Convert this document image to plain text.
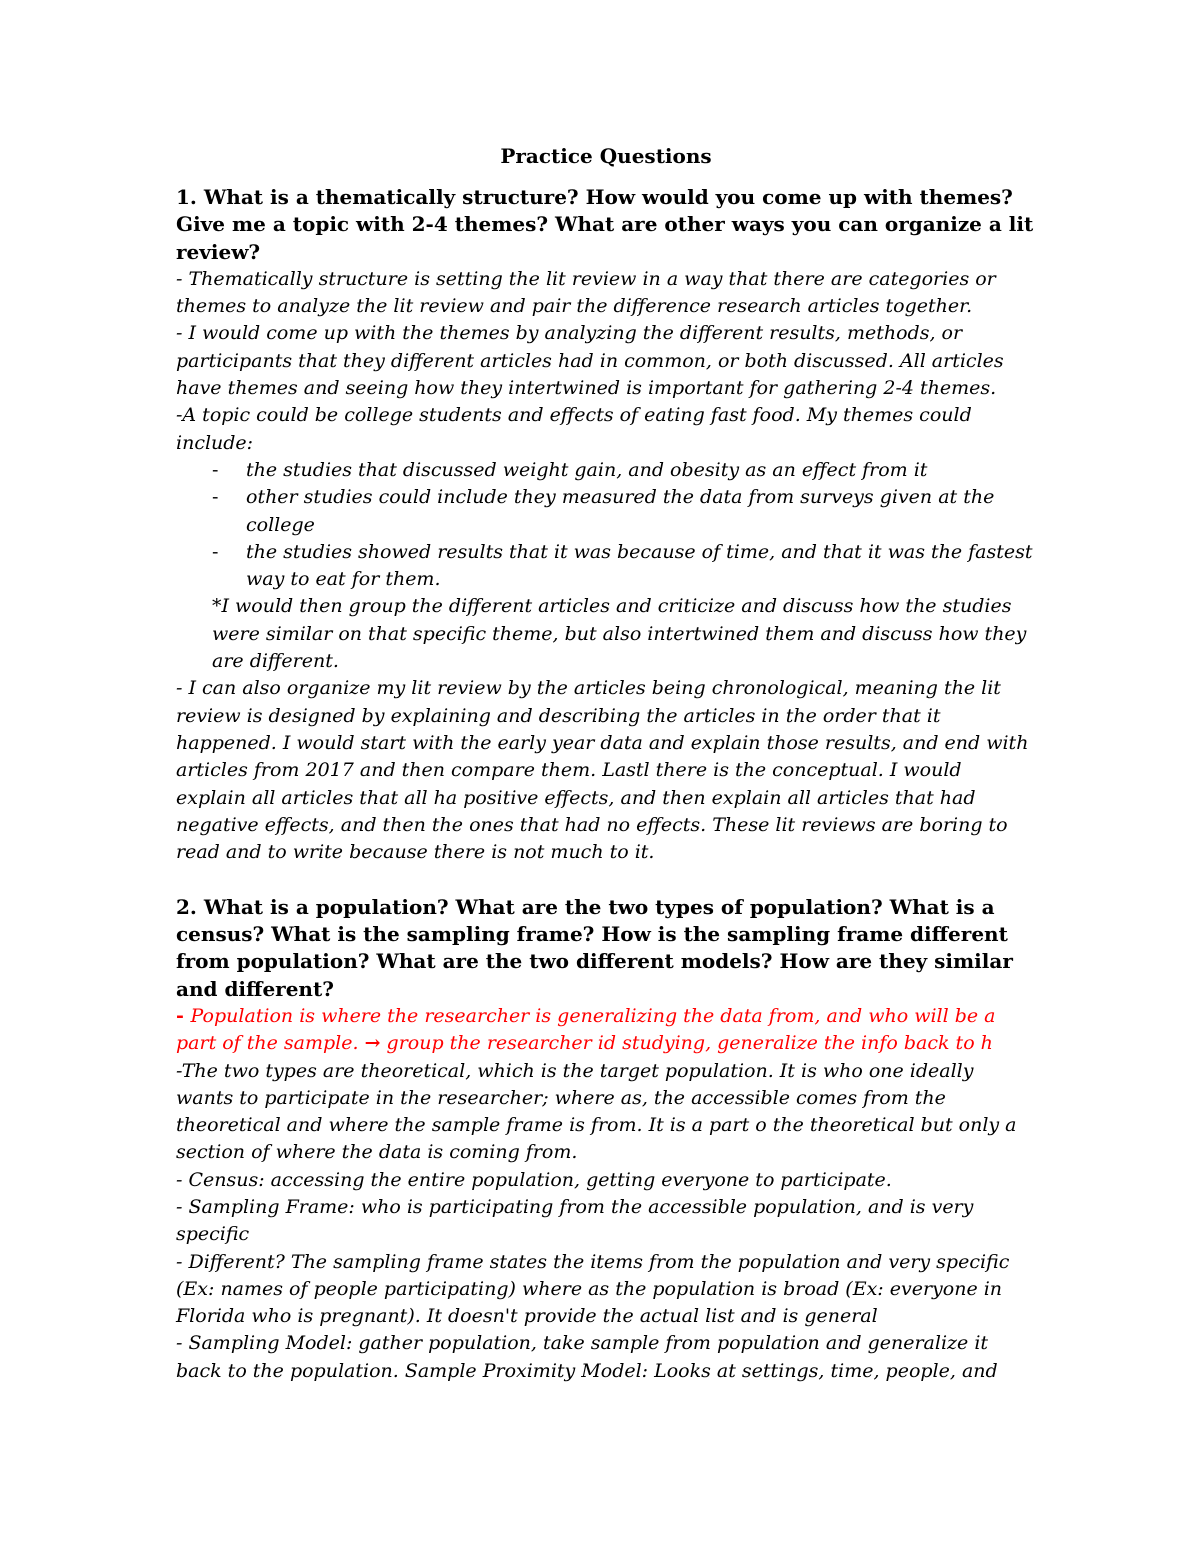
Practice Questions

1. What is a thematically structure? How would you come up with themes? Give me a topic with 2-4 themes? What are other ways you can organize a lit review?

- Thematically structure is setting the lit review in a way that there are categories or themes to analyze the lit review and pair the difference research articles together.

- I would come up with the themes by analyzing the different results, methods, or participants that they different articles had in common, or both discussed. All articles have themes and seeing how they intertwined is important for gathering 2-4 themes.

-A topic could be college students and effects of eating fast food. My themes could include:

- the studies that discussed weight gain, and obesity as an effect from it
- other studies could include they measured the data from surveys given at the college
- the studies showed results that it was because of time, and that it was the fastest way to eat for them.

*I would then group the different articles and criticize and discuss how the studies were similar on that specific theme, but also intertwined them and discuss how they are different.

- I can also organize my lit review by the articles being chronological, meaning the lit review is designed by explaining and describing the articles in the order that it happened. I would start with the early year data and explain those results, and end with articles from 2017 and then compare them. Lastl there is the conceptual. I would explain all articles that all ha positive effects, and then explain all articles that had negative effects, and then the ones that had no effects. These lit reviews are boring to read and to write because there is not much to it.

2. What is a population? What are the two types of population? What is a census? What is the sampling frame? How is the sampling frame different from population? What are the two different models? How are they similar and different?

- Population is where the researcher is generalizing the data from, and who will be a part of the sample. → group the researcher id studying, generalize the info back to h

-The two types are theoretical, which is the target population. It is who one ideally wants to participate in the researcher; where as, the accessible comes from the theoretical and where the sample frame is from. It is a part o the theoretical but only a section of where the data is coming from.

- Census: accessing the entire population, getting everyone to participate.

- Sampling Frame: who is participating from the accessible population, and is very specific

- Different? The sampling frame states the items from the population and very specific (Ex: names of people participating) where as the population is broad (Ex: everyone in Florida who is pregnant). It doesn't provide the actual list and is general

- Sampling Model: gather population, take sample from population and generalize it back to the population. Sample Proximity Model: Looks at settings, time, people, and
